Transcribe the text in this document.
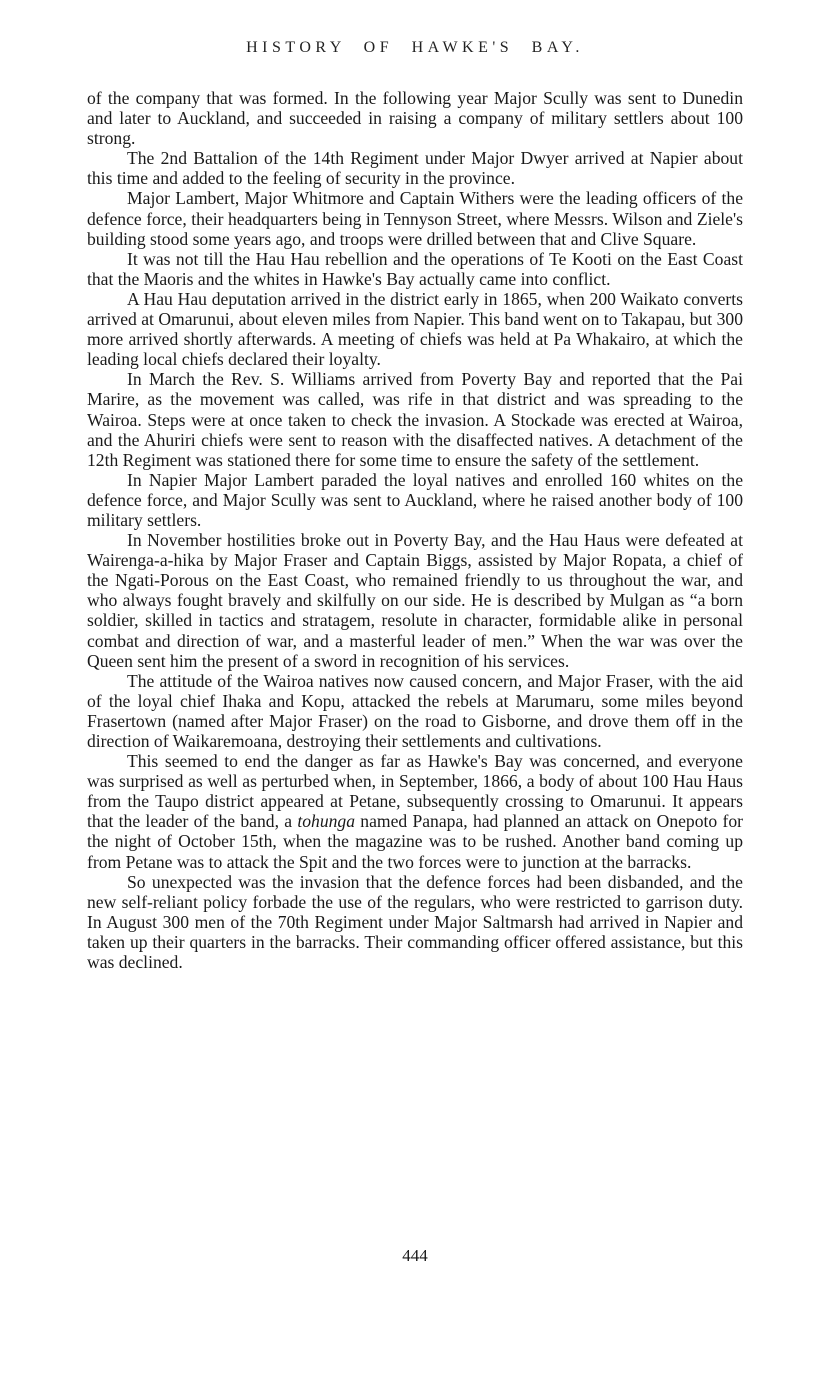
HISTORY OF HAWKE'S BAY.

of the company that was formed. In the following year Major Scully was sent to Dunedin and later to Auckland, and succeeded in raising a company of military settlers about 100 strong.

The 2nd Battalion of the 14th Regiment under Major Dwyer arrived at Napier about this time and added to the feeling of security in the province.

Major Lambert, Major Whitmore and Captain Withers were the leading officers of the defence force, their headquarters being in Tennyson Street, where Messrs. Wilson and Ziele's building stood some years ago, and troops were drilled between that and Clive Square.

It was not till the Hau Hau rebellion and the operations of Te Kooti on the East Coast that the Maoris and the whites in Hawke's Bay actually came into conflict.

A Hau Hau deputation arrived in the district early in 1865, when 200 Waikato converts arrived at Omarunui, about eleven miles from Napier. This band went on to Takapau, but 300 more arrived shortly afterwards. A meeting of chiefs was held at Pa Whakairo, at which the leading local chiefs declared their loyalty.

In March the Rev. S. Williams arrived from Poverty Bay and reported that the Pai Marire, as the movement was called, was rife in that district and was spreading to the Wairoa. Steps were at once taken to check the invasion. A Stockade was erected at Wairoa, and the Ahuriri chiefs were sent to reason with the disaffected natives. A detachment of the 12th Regiment was stationed there for some time to ensure the safety of the settlement.

In Napier Major Lambert paraded the loyal natives and enrolled 160 whites on the defence force, and Major Scully was sent to Auckland, where he raised another body of 100 military settlers.

In November hostilities broke out in Poverty Bay, and the Hau Haus were defeated at Wairenga-a-hika by Major Fraser and Captain Biggs, assisted by Major Ropata, a chief of the Ngati-Porous on the East Coast, who remained friendly to us throughout the war, and who always fought bravely and skilfully on our side. He is described by Mulgan as “a born soldier, skilled in tactics and stratagem, resolute in character, formidable alike in personal combat and direction of war, and a masterful leader of men.” When the war was over the Queen sent him the present of a sword in recognition of his services.

The attitude of the Wairoa natives now caused concern, and Major Fraser, with the aid of the loyal chief Ihaka and Kopu, attacked the rebels at Marumaru, some miles beyond Frasertown (named after Major Fraser) on the road to Gisborne, and drove them off in the direction of Waikaremoana, destroying their settlements and cultivations.

This seemed to end the danger as far as Hawke's Bay was concerned, and everyone was surprised as well as perturbed when, in September, 1866, a body of about 100 Hau Haus from the Taupo district appeared at Petane, subsequently crossing to Omarunui. It appears that the leader of the band, a tohunga named Panapa, had planned an attack on Onepoto for the night of October 15th, when the magazine was to be rushed. Another band coming up from Petane was to attack the Spit and the two forces were to junction at the barracks.

So unexpected was the invasion that the defence forces had been disbanded, and the new self-reliant policy forbade the use of the regulars, who were restricted to garrison duty. In August 300 men of the 70th Regiment under Major Saltmarsh had arrived in Napier and taken up their quarters in the barracks. Their commanding officer offered assistance, but this was declined.

444
